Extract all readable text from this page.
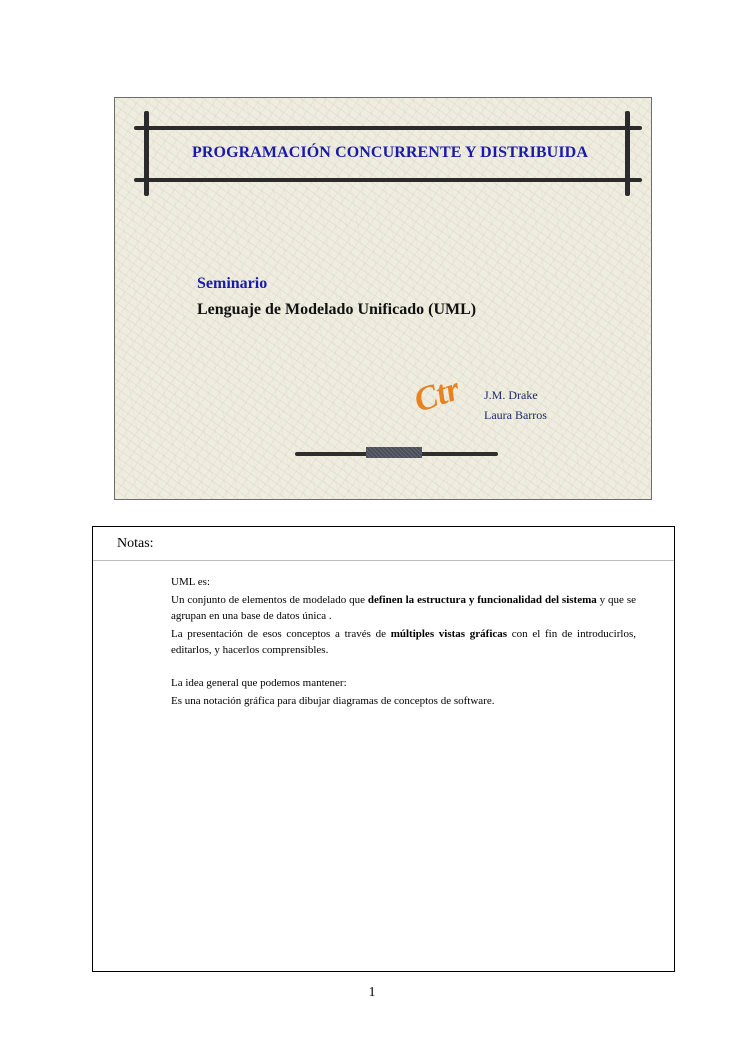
PROGRAMACIÓN CONCURRENTE Y DISTRIBUIDA
Seminario
Lenguaje de Modelado Unificado (UML)
Ctr J.M. Drake
Laura Barros
Notas:

UML es:

Un conjunto de elementos de modelado que definen la estructura y funcionalidad del sistema y que se agrupan en una base de datos única .

La presentación de esos conceptos a través de múltiples vistas gráficas con el fin de introducirlos, editarlos, y hacerlos comprensibles.

La idea general que podemos mantener:

Es una notación gráfica para dibujar diagramas de conceptos de software.

1
